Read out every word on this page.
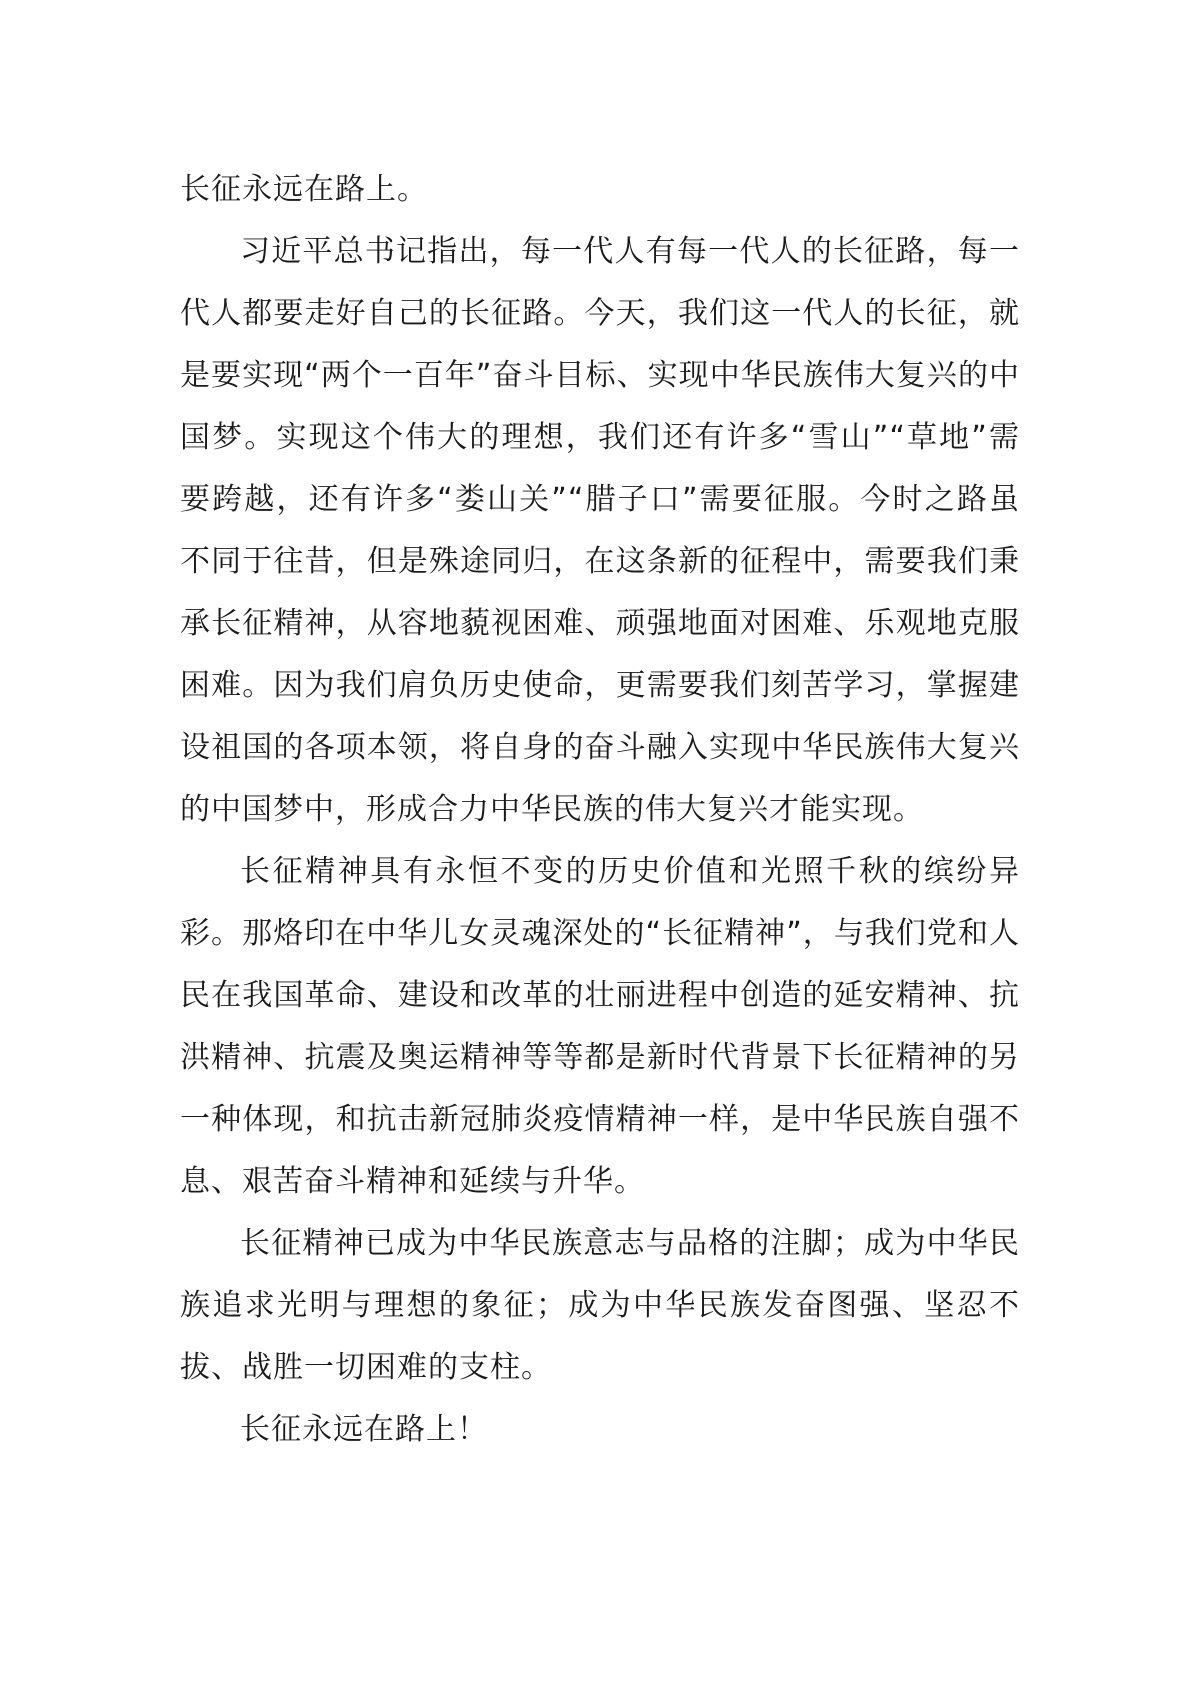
长征永远在路上。

习近平总书记指出，每一代人有每一代人的长征路，每一代人都要走好自己的长征路。今天，我们这一代人的长征，就是要实现“两个一百年”奋斗目标、实现中华民族伟大复兴的中国梦。实现这个伟大的理想，我们还有许多“雪山”“草地”需要跨越，还有许多“娄山关”“腊子口”需要征服。今时之路虽不同于往昔，但是殊途同归，在这条新的征程中，需要我们秉承长征精神，从容地藐视困难、顽强地面对困难、乐观地克服困难。因为我们肩负历史使命，更需要我们刻苦学习，掌握建设祖国的各项本领，将自身的奋斗融入实现中华民族伟大复兴的中国梦中，形成合力中华民族的伟大复兴才能实现。

长征精神具有永恒不变的历史价值和光照千秋的缤纷异彩。那烙印在中华儿女灵魂深处的“长征精神”，与我们党和人民在我国革命、建设和改革的壮丽进程中创造的延安精神、抗洪精神、抗震及奥运精神等等都是新时代背景下长征精神的另一种体现，和抗击新冠肺炎疫情精神一样，是中华民族自强不息、艰苦奋斗精神和延续与升华。

长征精神已成为中华民族意志与品格的注脚；成为中华民族追求光明与理想的象征；成为中华民族发奋图强、坚忍不拔、战胜一切困难的支柱。

长征永远在路上！
